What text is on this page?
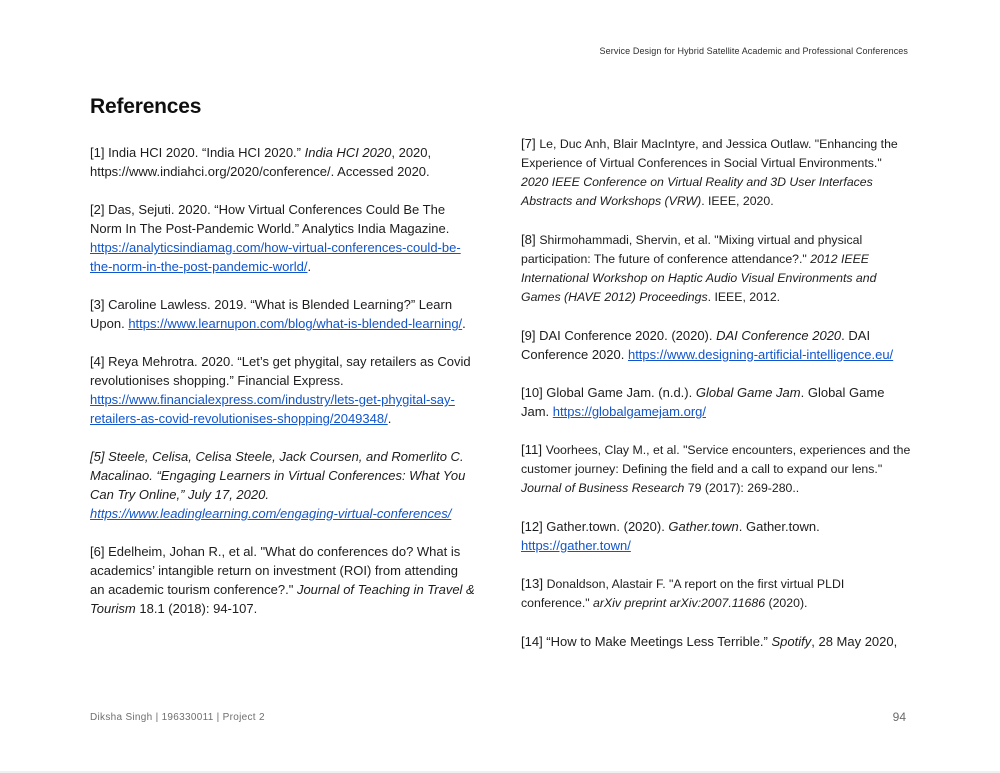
Service Design for Hybrid Satellite Academic and Professional Conferences
References

[1] India HCI 2020. “India HCI 2020.” India HCI 2020, 2020, https://www.indiahci.org/2020/conference/. Accessed 2020.

[2] Das, Sejuti. 2020. “How Virtual Conferences Could Be The Norm In The Post-Pandemic World.” Analytics India Magazine. https://analyticsindiamag.com/how-virtual-conferences-could-be-the-norm-in-the-post-pandemic-world/.

[3] Caroline Lawless. 2019. “What is Blended Learning?” Learn Upon. https://www.learnupon.com/blog/what-is-blended-learning/.

[4] Reya Mehrotra. 2020. “Let’s get phygital, say retailers as Covid revolutionises shopping.” Financial Express. https://www.financialexpress.com/industry/lets-get-phygital-say-retailers-as-covid-revolutionises-shopping/2049348/.

[5] Steele, Celisa, Celisa Steele, Jack Coursen, and Romerlito C. Macalinao. “Engaging Learners in Virtual Conferences: What You Can Try Online,” July 17, 2020. https://www.leadinglearning.com/engaging-virtual-conferences/

[6] Edelheim, Johan R., et al. "What do conferences do? What is academics’ intangible return on investment (ROI) from attending an academic tourism conference?." Journal of Teaching in Travel & Tourism 18.1 (2018): 94-107.

[7] Le, Duc Anh, Blair MacIntyre, and Jessica Outlaw. "Enhancing the Experience of Virtual Conferences in Social Virtual Environments." 2020 IEEE Conference on Virtual Reality and 3D User Interfaces Abstracts and Workshops (VRW). IEEE, 2020.

[8] Shirmohammadi, Shervin, et al. "Mixing virtual and physical participation: The future of conference attendance?." 2012 IEEE International Workshop on Haptic Audio Visual Environments and Games (HAVE 2012) Proceedings. IEEE, 2012.

[9] DAI Conference 2020. (2020). DAI Conference 2020. DAI Conference 2020. https://www.designing-artificial-intelligence.eu/

[10] Global Game Jam. (n.d.). Global Game Jam. Global Game Jam. https://globalgamejam.org/

[11] Voorhees, Clay M., et al. "Service encounters, experiences and the customer journey: Defining the field and a call to expand our lens." Journal of Business Research 79 (2017): 269-280..

[12] Gather.town. (2020). Gather.town. Gather.town. https://gather.town/

[13] Donaldson, Alastair F. "A report on the first virtual PLDI conference." arXiv preprint arXiv:2007.11686 (2020).

[14] “How to Make Meetings Less Terrible.” Spotify, 28 May 2020,

Diksha Singh | 196330011 | Project 2	94
